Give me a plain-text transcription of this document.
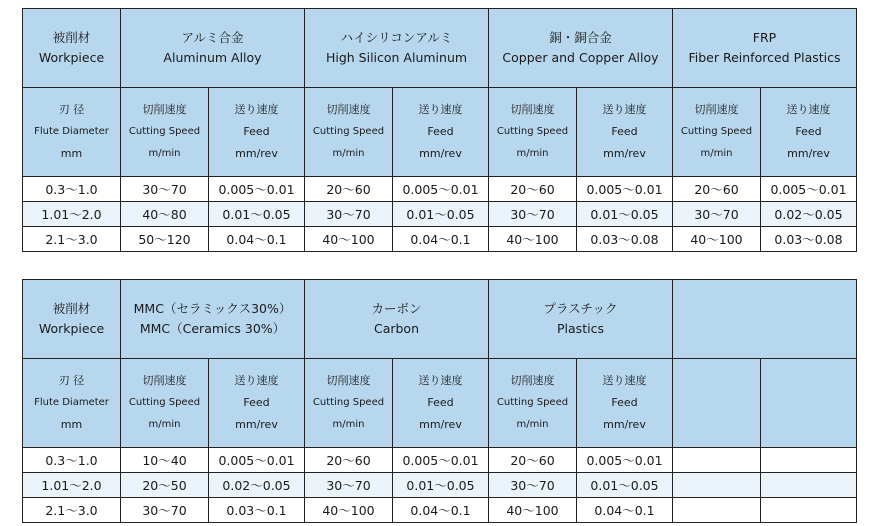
被削材
Workpiece	アルミ合金
Aluminum Alloy		ハイシリコンアルミ
High Silicon Aluminum		銅・銅合金
Copper and Copper Alloy		FRP
Fiber Reinforced Plastics	

刃 径
Flute Diameter
mm	切削速度
Cutting Speed
m/min	送り速度
Feed
mm/rev	切削速度
Cutting Speed
m/min	送り速度
Feed
mm/rev	切削速度
Cutting Speed
m/min	送り速度
Feed
mm/rev	切削速度
Cutting Speed
m/min	送り速度
Feed
mm/rev

0.3〜1.0	30〜70	0.005〜0.01	20〜60	0.005〜0.01	20〜60	0.005〜0.01	20〜60	0.005〜0.01
1.01〜2.0	40〜80	0.01〜0.05	30〜70	0.01〜0.05	30〜70	0.01〜0.05	30〜70	0.02〜0.05
2.1〜3.0	50〜120	0.04〜0.1	40〜100	0.04〜0.1	40〜100	0.03〜0.08	40〜100	0.03〜0.08
被削材
Workpiece	MMC（セラミックス30%）
MMC（Ceramics 30%）		カーボン
Carbon		プラスチック
Plastics			

刃 径
Flute Diameter
mm	切削速度
Cutting Speed
m/min	送り速度
Feed
mm/rev	切削速度
Cutting Speed
m/min	送り速度
Feed
mm/rev	切削速度
Cutting Speed
m/min	送り速度
Feed
mm/rev		

0.3〜1.0	10〜40	0.005〜0.01	20〜60	0.005〜0.01	20〜60	0.005〜0.01		
1.01〜2.0	20〜50	0.02〜0.05	30〜70	0.01〜0.05	30〜70	0.01〜0.05		
2.1〜3.0	30〜70	0.03〜0.1	40〜100	0.04〜0.1	40〜100	0.04〜0.1		
